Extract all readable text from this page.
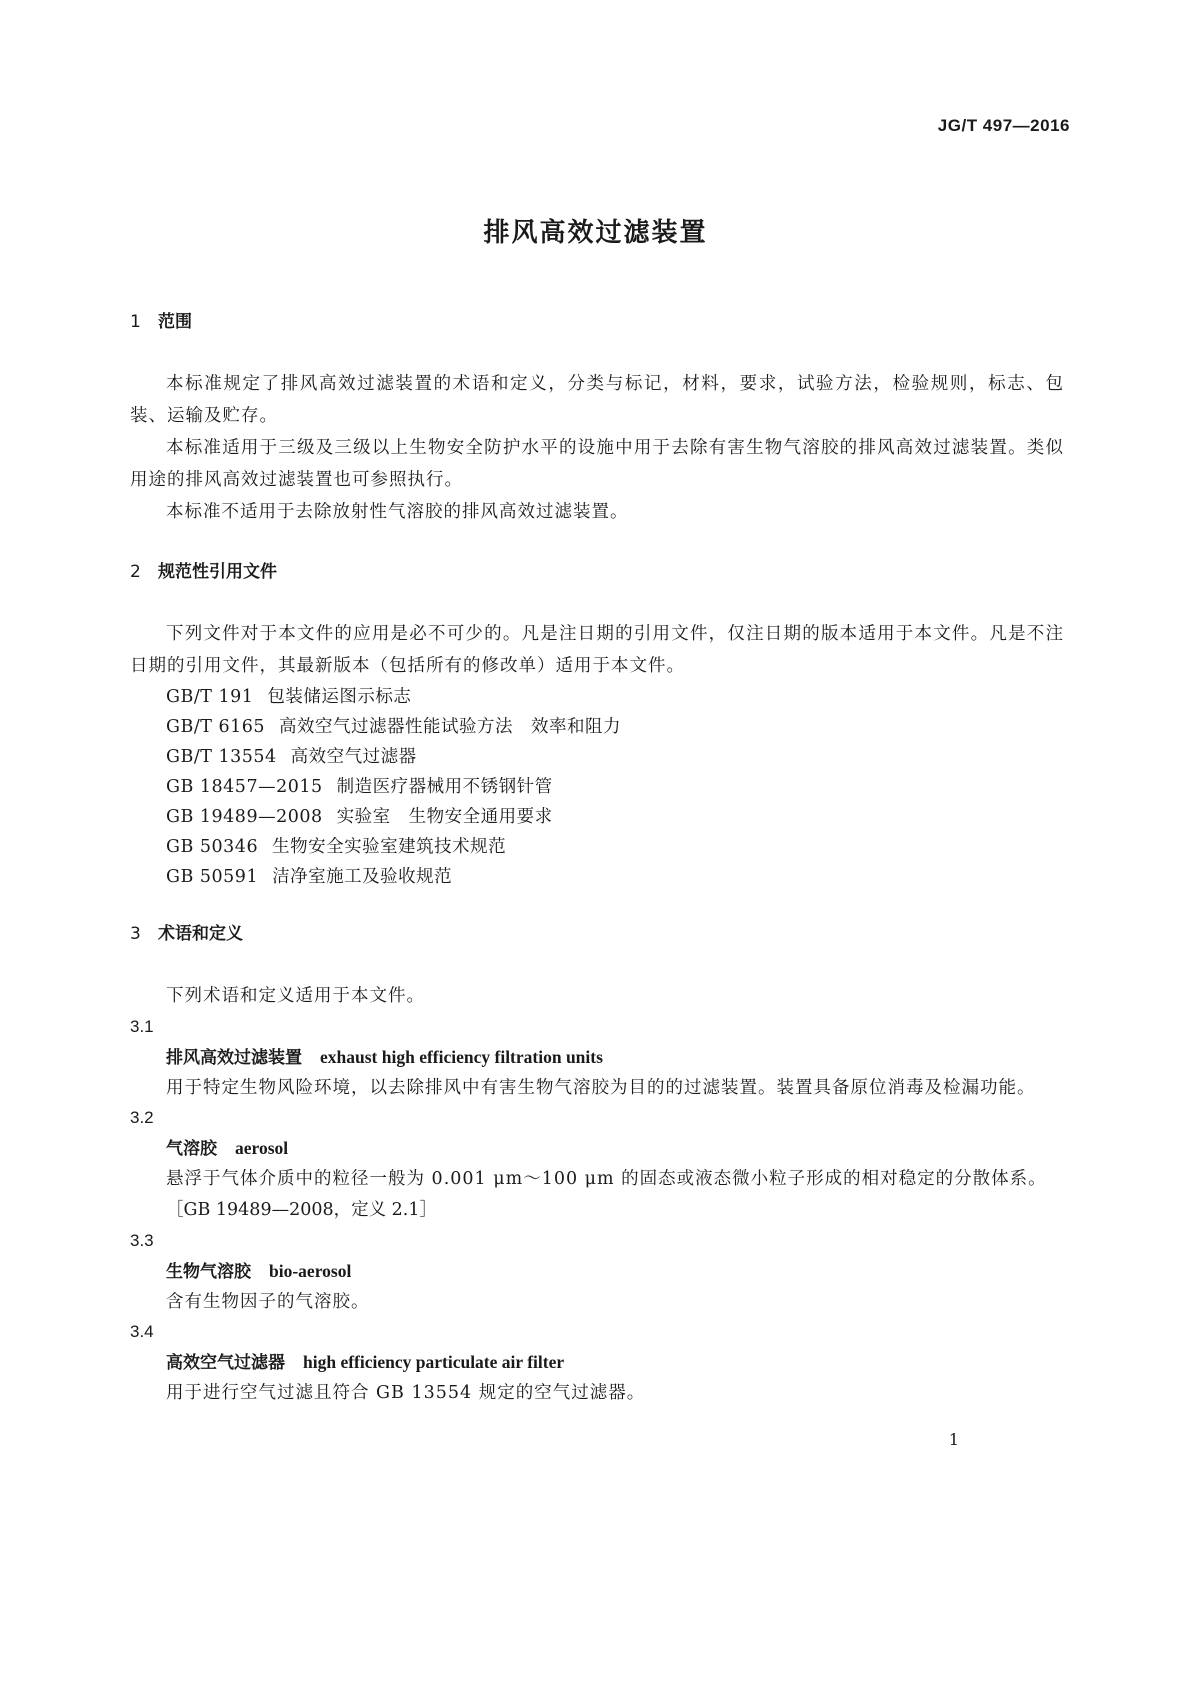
JG/T 497—2016
排风高效过滤装置
1 范围
本标准规定了排风高效过滤装置的术语和定义，分类与标记，材料，要求，试验方法，检验规则，标志、包装、运输及贮存。
本标准适用于三级及三级以上生物安全防护水平的设施中用于去除有害生物气溶胶的排风高效过滤装置。类似用途的排风高效过滤装置也可参照执行。
本标准不适用于去除放射性气溶胶的排风高效过滤装置。
2 规范性引用文件
下列文件对于本文件的应用是必不可少的。凡是注日期的引用文件，仅注日期的版本适用于本文件。凡是不注日期的引用文件，其最新版本（包括所有的修改单）适用于本文件。
GB/T 191 包装储运图示标志
GB/T 6165 高效空气过滤器性能试验方法　效率和阻力
GB/T 13554 高效空气过滤器
GB 18457—2015 制造医疗器械用不锈钢针管
GB 19489—2008 实验室　生物安全通用要求
GB 50346 生物安全实验室建筑技术规范
GB 50591 洁净室施工及验收规范
3 术语和定义
下列术语和定义适用于本文件。
3.1
排风高效过滤装置 exhaust high efficiency filtration units
用于特定生物风险环境，以去除排风中有害生物气溶胶为目的的过滤装置。装置具备原位消毒及检漏功能。
3.2
气溶胶 aerosol
悬浮于气体介质中的粒径一般为 0.001 μm～100 μm 的固态或液态微小粒子形成的相对稳定的分散体系。
［GB 19489—2008，定义 2.1］
3.3
生物气溶胶 bio-aerosol
含有生物因子的气溶胶。
3.4
高效空气过滤器 high efficiency particulate air filter
用于进行空气过滤且符合 GB 13554 规定的空气过滤器。
1
